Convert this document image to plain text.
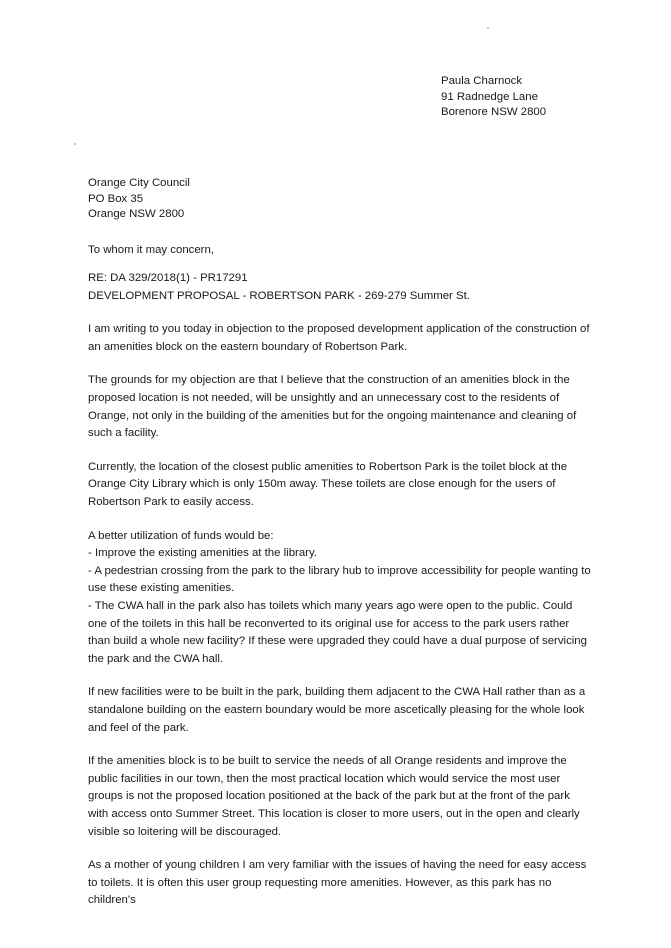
Paula Charnock
91 Radnedge Lane
Borenore NSW 2800
Orange City Council
PO Box 35
Orange NSW 2800

To whom it may concern,

RE: DA 329/2018(1) - PR17291

DEVELOPMENT PROPOSAL - ROBERTSON PARK - 269-279 Summer St.

I am writing to you today in objection to the proposed development application of the construction of an amenities block on the eastern boundary of Robertson Park.

The grounds for my objection are that I believe that the construction of an amenities block in the proposed location is not needed, will be unsightly and an unnecessary cost to the residents of Orange, not only in the building of the amenities but for the ongoing maintenance and cleaning of such a facility.

Currently, the location of the closest public amenities to Robertson Park is the toilet block at the Orange City Library which is only 150m away. These toilets are close enough for the users of Robertson Park to easily access.

A better utilization of funds would be:

- Improve the existing amenities at the library.

- A pedestrian crossing from the park to the library hub to improve accessibility for people wanting to use these existing amenities.

- The CWA hall in the park also has toilets which many years ago were open to the public. Could one of the toilets in this hall be reconverted to its original use for access to the park users rather than build a whole new facility? If these were upgraded they could have a dual purpose of servicing the park and the CWA hall.

If new facilities were to be built in the park, building them adjacent to the CWA Hall rather than as a standalone building on the eastern boundary would be more ascetically pleasing for the whole look and feel of the park.

If the amenities block is to be built to service the needs of all Orange residents and improve the public facilities in our town, then the most practical location which would service the most user groups is not the proposed location positioned at the back of the park but at the front of the park with access onto Summer Street. This location is closer to more users, out in the open and clearly visible so loitering will be discouraged.

As a mother of young children I am very familiar with the issues of having the need for easy access to toilets. It is often this user group requesting more amenities. However, as this park has no children's
